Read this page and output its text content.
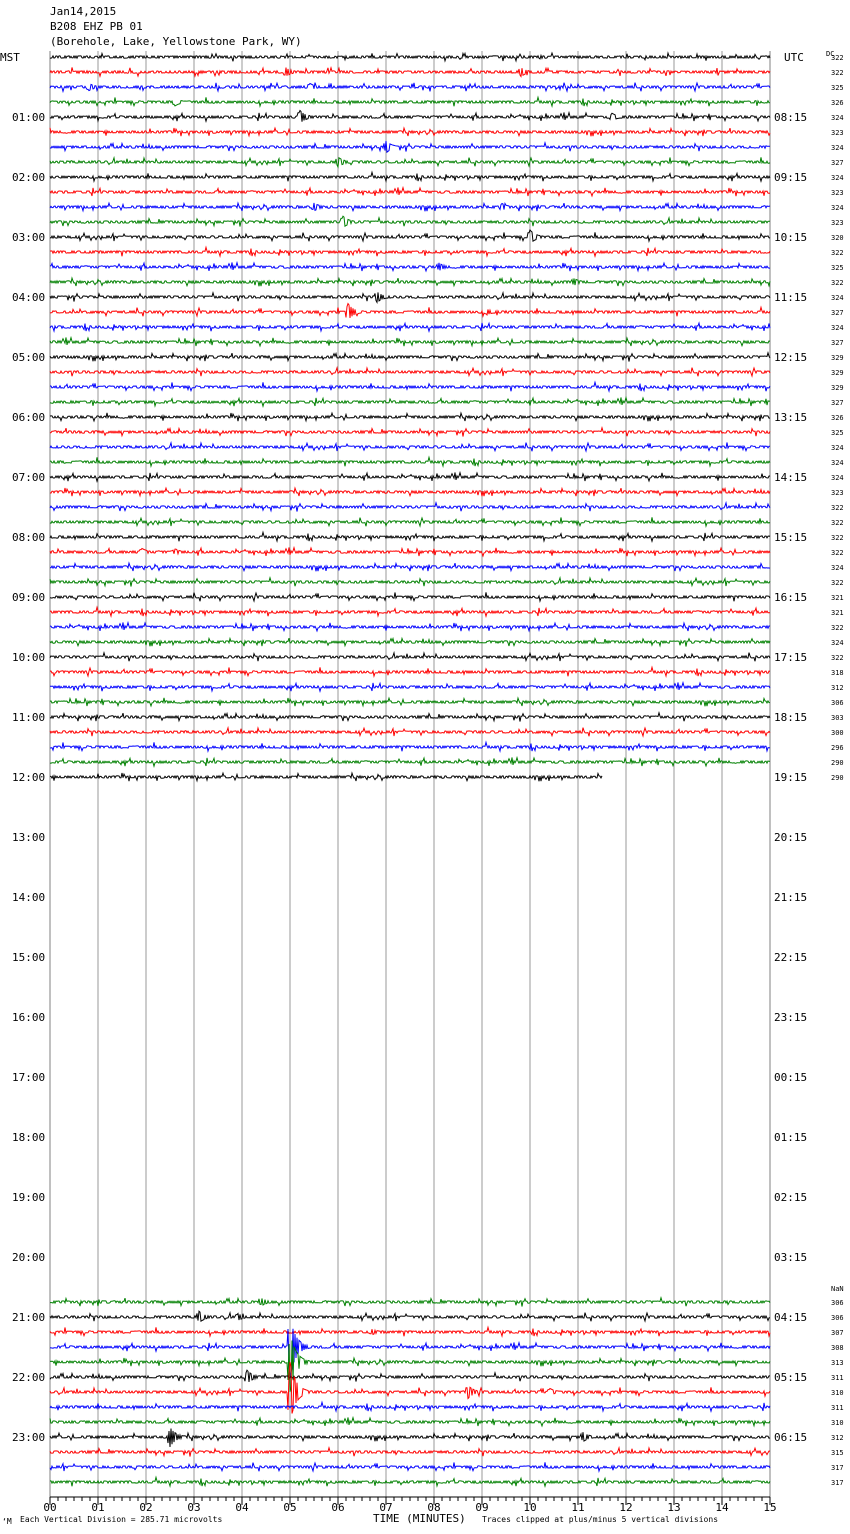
Jan14,2015
B208 EHZ PB 01
(Borehole, Lake, Yellowstone Park, WY)
MST	UTC	DC
NaN
01:00	08:15
02:00	09:15
03:00	10:15
04:00	11:15
05:00	12:15
06:00	13:15
07:00	14:15
08:00	15:15
09:00	16:15
10:00	17:15
11:00	18:15
12:00	19:15
13:00	20:15
14:00	21:15
15:00	22:15
16:00	23:15
17:00	00:15
18:00	01:15
19:00	02:15
20:00	03:15
21:00	04:15
22:00	05:15
23:00	06:15
322
322
325
326
324
323
324
327
324
323
324
323
320
322
325
322
324
327
324
327
329
329
329
327
326
325
324
324
324
323
322
322
322
322
324
322
321
321
322
324
322
318
312
306
303
300
296
290
290
306
306
307
308
313
311
310
311
310
312
315
317
317
00	01	02	03	04	05	06	07	08	09	10	11	12	13	14	15
‘M Each Vertical Division = 285.71 microvolts	TIME (MINUTES) Traces clipped at plus/minus 5 vertical divisions
